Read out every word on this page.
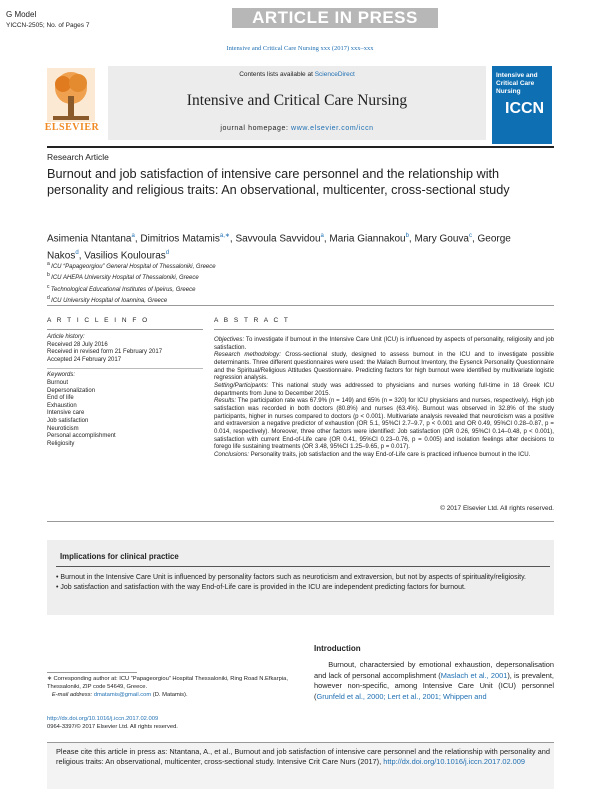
G Model
YICCN-2505; No. of Pages 7	ARTICLE IN PRESS
Intensive and Critical Care Nursing xxx (2017) xxx–xxx
ELSEVIER
Contents lists available at ScienceDirect
Intensive and Critical Care Nursing
journal homepage: www.elsevier.com/iccn
Intensive and Critical Care Nursing
ICCN
Research Article
Burnout and job satisfaction of intensive care personnel and the relationship with personality and religious traits: An observational, multicenter, cross-sectional study
Asimenia Ntantana$^a$, Dimitrios Matamis$^{a,∗}$, Savvoula Savvidou$^a$, Maria Giannakou$^b$, Mary Gouva$^c$, George Nakos$^d$, Vasilios Koulouras$^d$
$^a$ ICU “Papageorgiou” General Hospital of Thessaloniki, Greece
$^b$ ICU AHEPA University Hospital of Thessaloniki, Greece
$^c$ Technological Educational Institutes of Ipeirus, Greece
$^d$ ICU University Hospital of Ioannina, Greece
A R T I C L E I N F O
Article history:
Received 28 July 2016
Received in revised form 21 February 2017
Accepted 24 February 2017
Keywords:
Burnout
Depersonalization
End of life
Exhaustion
Intensive care
Job satisfaction
Neuroticism
Personal accomplishment
Religiosity
A B S T R A C T
Objectives: To investigate if burnout in the Intensive Care Unit (ICU) is influenced by aspects of personality, religiosity and job satisfaction.
Research methodology: Cross-sectional study, designed to assess burnout in the ICU and to investigate possible determinants. Three different questionnaires were used: the Malach Burnout Inventory, the Eysenck Personality Questionnaire and the Spiritual/Religious Attitudes Questionnaire. Predicting factors for high burnout were identified by multivariate logistic regression analysis.
Setting/Participants: This national study was addressed to physicians and nurses working full-time in 18 Greek ICU departments from June to December 2015.
Results: The participation rate was 67.9% (n = 149) and 65% (n = 320) for ICU physicians and nurses, respectively). High job satisfaction was recorded in both doctors (80.8%) and nurses (63.4%). Burnout was observed in 32.8% of the study participants, higher in nurses compared to doctors (p < 0.001). Multivariate analysis revealed that neuroticism was a positive and extraversion a negative predictor of exhaustion (OR 5.1, 95%CI 2.7–9.7, p < 0.001 and OR 0.49, 95%CI 0.28–0.87, p = 0.014, respectively). Moreover, three other factors were identified: Job satisfaction (OR 0.26, 95%CI 0.14–0.48, p < 0.001), satisfaction with current End-of-Life care (OR 0.41, 95%CI 0.23–0.76, p = 0.005) and isolation feelings after decisions to forego life sustaining treatments (OR 3.48, 95%CI 1.25–9.65, p = 0.017).
Conclusions: Personality traits, job satisfaction and the way End-of-Life care is practiced influence burnout in the ICU.
© 2017 Elsevier Ltd. All rights reserved.
Implications for clinical practice
• Burnout in the Intensive Care Unit is influenced by personality factors such as neuroticism and extraversion, but not by aspects of spirituality/religiosity.
• Job satisfaction and satisfaction with the way End-of-Life care is provided in the ICU are independent predicting factors for burnout.
Introduction
Burnout, charactersied by emotional exhaustion, depersonalisation and lack of personal accomplishment (Maslach et al., 2001), is prevalent, however non-specific, among Intensive Care Unit (ICU) personnel (Grunfeld et al., 2000; Lert et al., 2001; Whippen and
∗ Corresponding author at: ICU “Papageorgiou” Hospital Thessaloniki, Ring Road N.Efkarpia, Thessaloniki, ZIP code 54649, Greece.
E-mail address: dmatamis@gmail.com (D. Matamis).
http://dx.doi.org/10.1016/j.iccn.2017.02.009
0964-3397/© 2017 Elsevier Ltd. All rights reserved.
Please cite this article in press as: Ntantana, A., et al., Burnout and job satisfaction of intensive care personnel and the relationship with personality and religious traits: An observational, multicenter, cross-sectional study. Intensive Crit Care Nurs (2017), http://dx.doi.org/10.1016/j.iccn.2017.02.009
